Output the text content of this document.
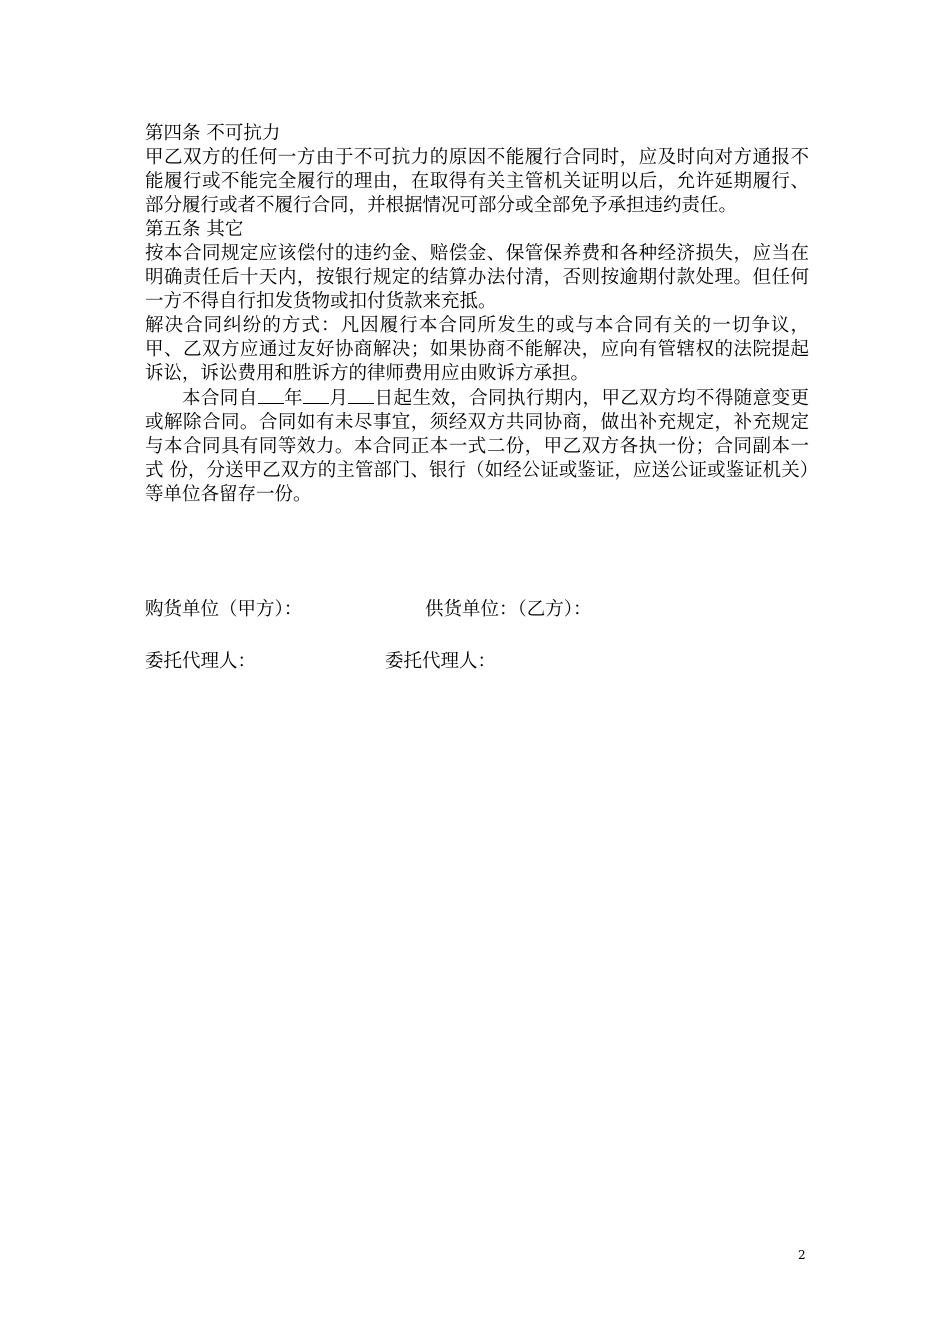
第四条 不可抗力

甲乙双方的任何一方由于不可抗力的原因不能履行合同时，应及时向对方通报不能履行或不能完全履行的理由，在取得有关主管机关证明以后，允许延期履行、部分履行或者不履行合同，并根据情况可部分或全部免予承担违约责任。

第五条 其它

按本合同规定应该偿付的违约金、赔偿金、保管保养费和各种经济损失，应当在明确责任后十天内，按银行规定的结算办法付清，否则按逾期付款处理。但任何一方不得自行扣发货物或扣付货款来充抵。

解决合同纠纷的方式：凡因履行本合同所发生的或与本合同有关的一切争议，甲、乙双方应通过友好协商解决；如果协商不能解决，应向有管辖权的法院提起诉讼，诉讼费用和胜诉方的律师费用应由败诉方承担。

本合同自 年 月 日起生效，合同执行期内，甲乙双方均不得随意变更或解除合同。合同如有未尽事宜，须经双方共同协商，做出补充规定，补充规定与本合同具有同等效力。本合同正本一式二份，甲乙双方各执一份；合同副本一式 份，分送甲乙双方的主管部门、银行（如经公证或鉴证，应送公证或鉴证机关）等单位各留存一份。

购货单位（甲方）：	供货单位：（乙方）：
委托代理人：	委托代理人：
2
